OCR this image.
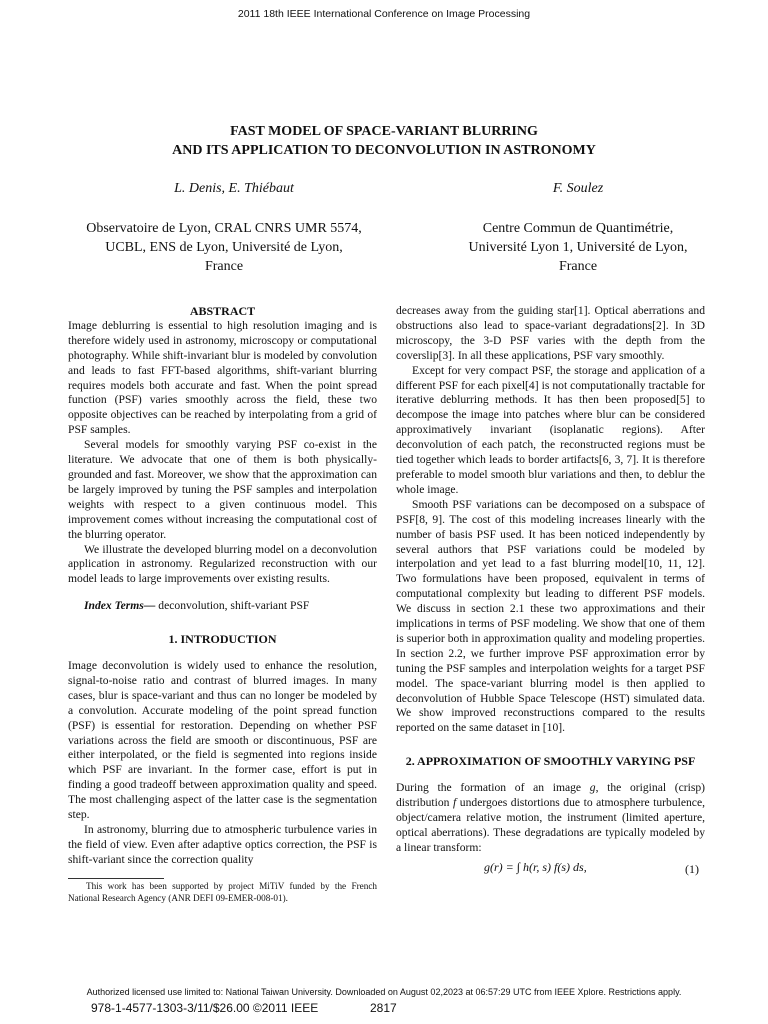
2011 18th IEEE International Conference on Image Processing
FAST MODEL OF SPACE-VARIANT BLURRING
AND ITS APPLICATION TO DECONVOLUTION IN ASTRONOMY
L. Denis, E. Thiébaut	F. Soulez
Observatoire de Lyon, CRAL CNRS UMR 5574,
UCBL, ENS de Lyon, Université de Lyon,
France
Centre Commun de Quantimétrie,
Université Lyon 1, Université de Lyon,
France
ABSTRACT

Image deblurring is essential to high resolution imaging and is therefore widely used in astronomy, microscopy or computational photography. While shift-invariant blur is modeled by convolution and leads to fast FFT-based algorithms, shift-variant blurring requires models both accurate and fast. When the point spread function (PSF) varies smoothly across the field, these two opposite objectives can be reached by interpolating from a grid of PSF samples.

Several models for smoothly varying PSF co-exist in the literature. We advocate that one of them is both physically-grounded and fast. Moreover, we show that the approximation can be largely improved by tuning the PSF samples and interpolation weights with respect to a given continuous model. This improvement comes without increasing the computational cost of the blurring operator.

We illustrate the developed blurring model on a deconvolution application in astronomy. Regularized reconstruction with our model leads to large improvements over existing results.

Index Terms— deconvolution, shift-variant PSF

1. INTRODUCTION

Image deconvolution is widely used to enhance the resolution, signal-to-noise ratio and contrast of blurred images. In many cases, blur is space-variant and thus can no longer be modeled by a convolution. Accurate modeling of the point spread function (PSF) is essential for restoration. Depending on whether PSF variations across the field are smooth or discontinuous, PSF are either interpolated, or the field is segmented into regions inside which PSF are invariant. In the former case, effort is put in finding a good tradeoff between approximation quality and speed. The most challenging aspect of the latter case is the segmentation step.

In astronomy, blurring due to atmospheric turbulence varies in the field of view. Even after adaptive optics correction, the PSF is shift-variant since the correction quality

This work has been supported by project MiTiV funded by the French National Research Agency (ANR DEFI 09-EMER-008-01).

decreases away from the guiding star[1]. Optical aberrations and obstructions also lead to space-variant degradations[2]. In 3D microscopy, the 3-D PSF varies with the depth from the coverslip[3]. In all these applications, PSF vary smoothly.

Except for very compact PSF, the storage and application of a different PSF for each pixel[4] is not computationally tractable for iterative deblurring methods. It has then been proposed[5] to decompose the image into patches where blur can be considered approximatively invariant (isoplanatic regions). After deconvolution of each patch, the reconstructed regions must be tied together which leads to border artifacts[6, 3, 7]. It is therefore preferable to model smooth blur variations and then, to deblur the whole image.

Smooth PSF variations can be decomposed on a subspace of PSF[8, 9]. The cost of this modeling increases linearly with the number of basis PSF used. It has been noticed independently by several authors that PSF variations could be modeled by interpolation and yet lead to a fast blurring model[10, 11, 12]. Two formulations have been proposed, equivalent in terms of computational complexity but leading to different PSF models. We discuss in section 2.1 these two approximations and their implications in terms of PSF modeling. We show that one of them is superior both in approximation quality and modeling properties. In section 2.2, we further improve PSF approximation error by tuning the PSF samples and interpolation weights for a target PSF model. The space-variant blurring model is then applied to deconvolution of Hubble Space Telescope (HST) simulated data. We show improved reconstructions compared to the results reported on the same dataset in [10].

2. APPROXIMATION OF SMOOTHLY VARYING PSF

During the formation of an image g, the original (crisp) distribution f undergoes distortions due to atmosphere turbulence, object/camera relative motion, the instrument (limited aperture, optical aberrations). These degradations are typically modeled by a linear transform:

g(r) = ∫ h(r, s) f(s) ds,	(1)
Authorized licensed use limited to: National Taiwan University. Downloaded on August 02,2023 at 06:57:29 UTC from IEEE Xplore. Restrictions apply.
978-1-4577-1303-3/11/$26.00 ©2011 IEEE	2817
